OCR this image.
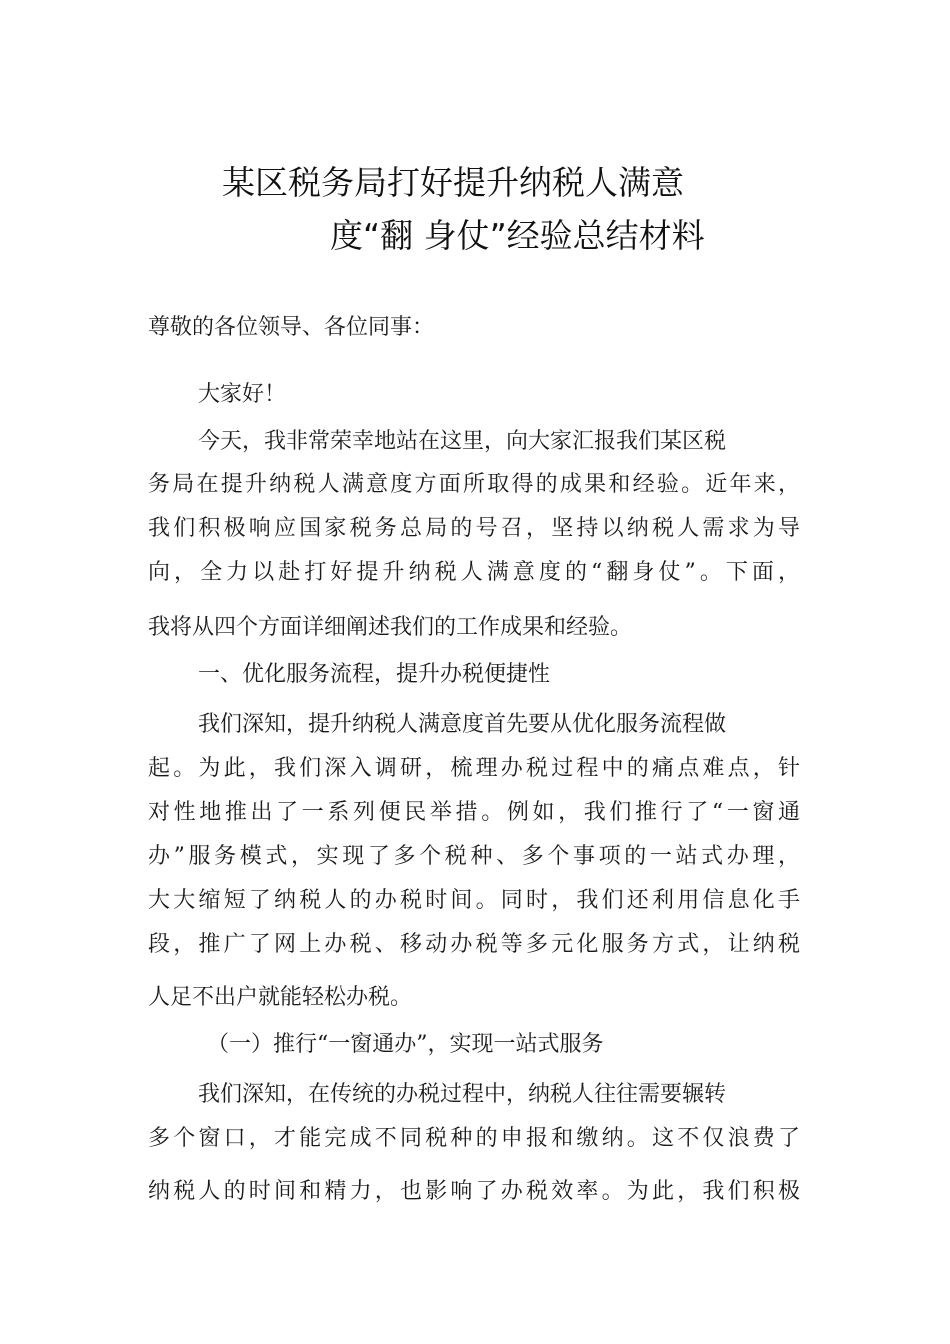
某区税务局打好提升纳税人满意
度“翻 身仗”经验总结材料
尊敬的各位领导、各位同事：
大家好！
今天，我非常荣幸地站在这里，向大家汇报我们某区税
务局在提升纳税人满意度方面所取得的成果和经验。近年来，
我们积极响应国家税务总局的号召，坚持以纳税人需求为导
向，全力以赴打好提升纳税人满意度的“翻身仗”。下面，
我将从四个方面详细阐述我们的工作成果和经验。
一、优化服务流程，提升办税便捷性
我们深知，提升纳税人满意度首先要从优化服务流程做
起。为此，我们深入调研，梳理办税过程中的痛点难点，针
对性地推出了一系列便民举措。例如，我们推行了“一窗通
办”服务模式，实现了多个税种、多个事项的一站式办理，
大大缩短了纳税人的办税时间。同时，我们还利用信息化手
段，推广了网上办税、移动办税等多元化服务方式，让纳税
人足不出户就能轻松办税。
（一）推行“一窗通办”，实现一站式服务
我们深知，在传统的办税过程中，纳税人往往需要辗转
多个窗口，才能完成不同税种的申报和缴纳。这不仅浪费了
纳税人的时间和精力，也影响了办税效率。为此，我们积极
